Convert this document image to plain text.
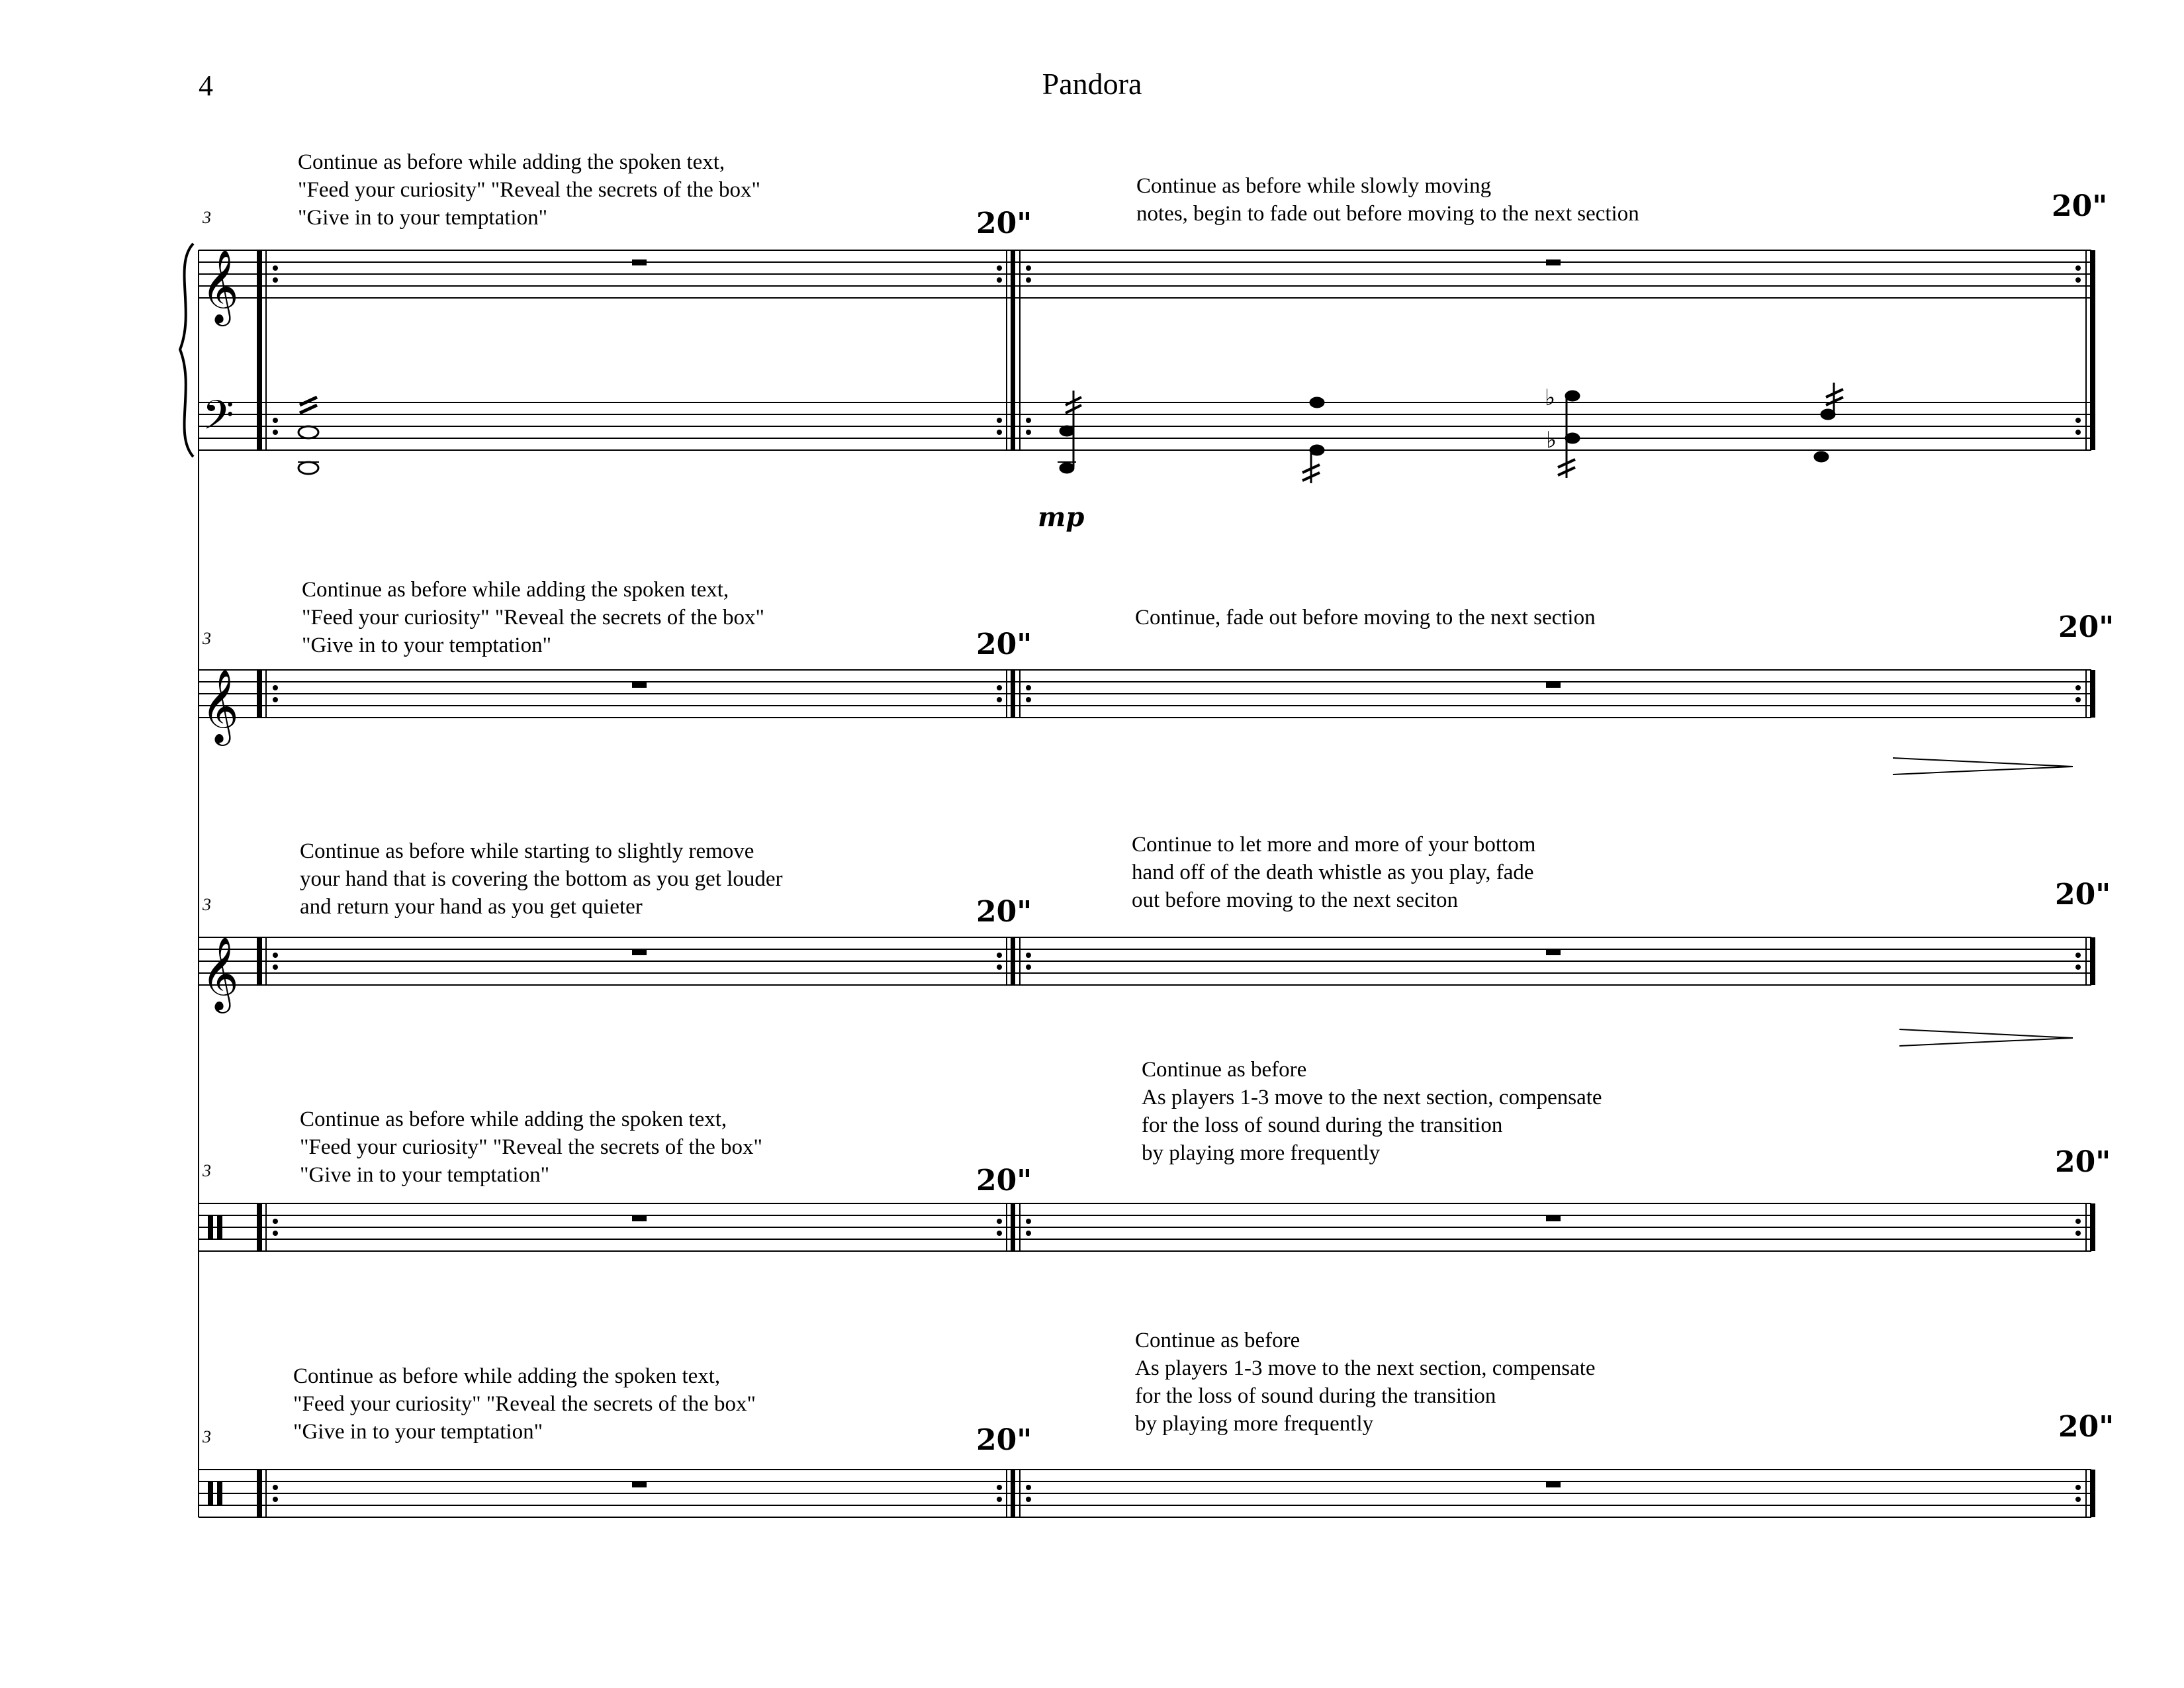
4	Pandora
Continue as before while adding the spoken text,
"Feed your curiosity" "Reveal the secrets of the box"
"Give in to your temptation"
Continue as before while slowly moving
notes, begin to fade out before moving to the next section
Continue as before while adding the spoken text,
"Feed your curiosity" "Reveal the secrets of the box"
"Give in to your temptation"
Continue, fade out before moving to the next section
Continue as before while starting to slightly remove
your hand that is covering the bottom as you get louder
and return your hand as you get quieter
Continue to let more and more of your bottom
hand off of the death whistle as you play, fade
out before moving to the next seciton
Continue as before while adding the spoken text,
"Feed your curiosity" "Reveal the secrets of the box"
"Give in to your temptation"
Continue as before
As players 1-3 move to the next section, compensate
for the loss of sound during the transition
by playing more frequently
Continue as before while adding the spoken text,
"Feed your curiosity" "Reveal the secrets of the box"
"Give in to your temptation"
Continue as before
As players 1-3 move to the next section, compensate
for the loss of sound during the transition
by playing more frequently
20"
20"
20"
20"
20"
20"
20"
20"
20"	20"
3
3
3
3
3
mp
𝄞
𝄢	♭
♭
𝄞
𝄞
